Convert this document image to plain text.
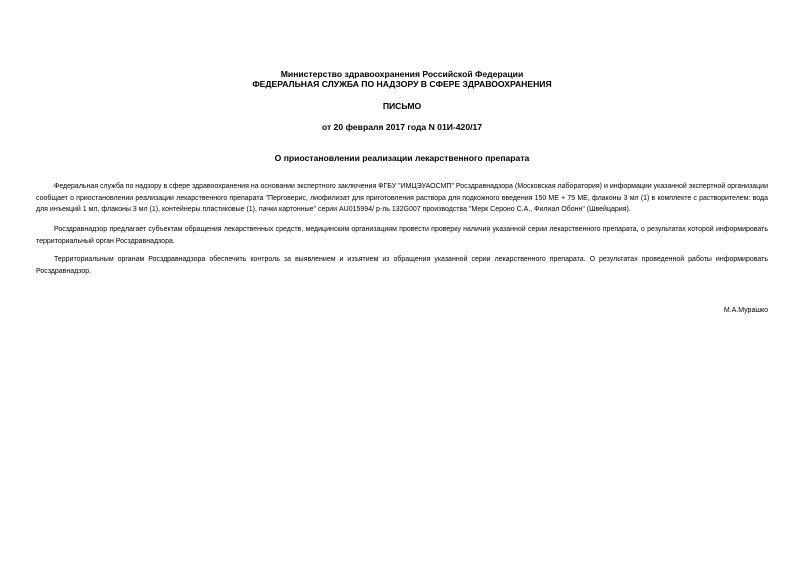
Министерство здравоохранения Российской Федерации
ФЕДЕРАЛЬНАЯ СЛУЖБА ПО НАДЗОРУ В СФЕРЕ ЗДРАВООХРАНЕНИЯ
ПИСЬМО
от 20 февраля 2017 года N 01И-420/17
О приостановлении реализации лекарственного препарата

Федеральная служба по надзору в сфере здравоохранения на основании экспертного заключения ФГБУ "ИМЦЭУАОСМП" Росздравнадзора (Московская лаборатория) и информации указанной экспертной организации сообщает о приостановлении реализации лекарственного препарата "Перговерис, лиофилизат для приготовления раствора для подкожного введения 150 МЕ + 75 МЕ, флаконы 3 мл (1) в комплекте с растворителем: вода для инъекций 1 мл, флаконы 3 мл (1), контейнеры пластиковые (1), пачки картонные" серии AU015994/ р-ль 132G007 производства "Мерк Сероно С.А., Филиал Обонн" (Швейцария).

Росздравнадзор предлагает субъектам обращения лекарственных средств, медицинским организациям провести проверку наличия указанной серии лекарственного препарата, о результатах которой информировать территориальный орган Росздравнадзора.

Территориальным органам Росздравнадзора обеспечить контроль за выявлением и изъятием из обращения указанной серии лекарственного препарата. О результатах проведенной работы информировать Росздравнадзор.

М.А.Мурашко
